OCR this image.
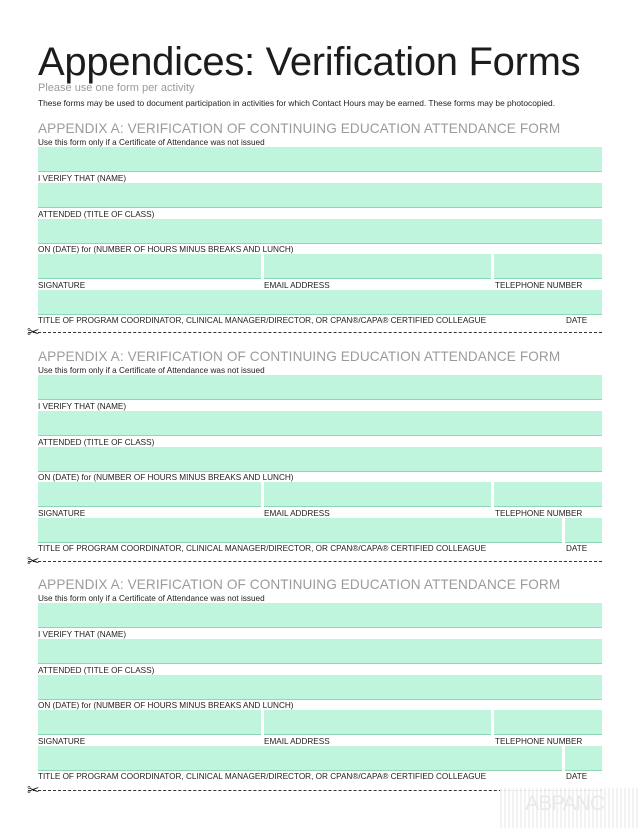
Appendices: Verification Forms
Please use one form per activity
These forms may be used to document participation in activities for which Contact Hours may be earned. These forms may be photocopied.
APPENDIX A: VERIFICATION OF CONTINUING EDUCATION ATTENDANCE FORM
Use this form only if a Certificate of Attendance was not issued
I VERIFY THAT (NAME)
ATTENDED (TITLE OF CLASS)
ON (DATE) for (NUMBER OF HOURS MINUS BREAKS AND LUNCH)
SIGNATURE	EMAIL ADDRESS	TELEPHONE NUMBER
TITLE OF PROGRAM COORDINATOR, CLINICAL MANAGER/DIRECTOR, OR CPAN®/CAPA® CERTIFIED COLLEAGUE	DATE
✂
APPENDIX A: VERIFICATION OF CONTINUING EDUCATION ATTENDANCE FORM
Use this form only if a Certificate of Attendance was not issued
I VERIFY THAT (NAME)
ATTENDED (TITLE OF CLASS)
ON (DATE) for (NUMBER OF HOURS MINUS BREAKS AND LUNCH)
SIGNATURE	EMAIL ADDRESS	TELEPHONE NUMBER
TITLE OF PROGRAM COORDINATOR, CLINICAL MANAGER/DIRECTOR, OR CPAN®/CAPA® CERTIFIED COLLEAGUE	DATE
✂
APPENDIX A: VERIFICATION OF CONTINUING EDUCATION ATTENDANCE FORM
Use this form only if a Certificate of Attendance was not issued
I VERIFY THAT (NAME)
ATTENDED (TITLE OF CLASS)
ON (DATE) for (NUMBER OF HOURS MINUS BREAKS AND LUNCH)
SIGNATURE	EMAIL ADDRESS	TELEPHONE NUMBER
TITLE OF PROGRAM COORDINATOR, CLINICAL MANAGER/DIRECTOR, OR CPAN®/CAPA® CERTIFIED COLLEAGUE	DATE
✂
ABPANC
